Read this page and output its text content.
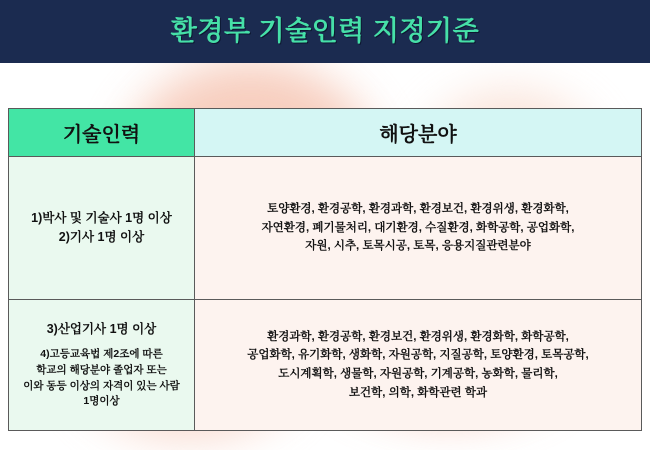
환경부 기술인력 지정기준
기술인력	해당분야
1)박사 및 기술사 1명 이상
2)기사 1명 이상
토양환경, 환경공학, 환경과학, 환경보건, 환경위생, 환경화학,
자연환경, 폐기물처리, 대기환경, 수질환경, 화학공학, 공업화학,
자원, 시추, 토목시공, 토목, 응용지질관련분야
3)산업기사 1명 이상
4)고등교육법 제2조에 따른
학교의 해당분야 졸업자 또는
이와 동등 이상의 자격이 있는 사람
1명이상
환경과학, 환경공학, 환경보건, 환경위생, 환경화학, 화학공학,
공업화학, 유기화학, 생화학, 자원공학, 지질공학, 토양환경, 토목공학,
도시계획학, 생물학, 자원공학, 기계공학, 농화학, 물리학,
보건학, 의학, 화학관련 학과
